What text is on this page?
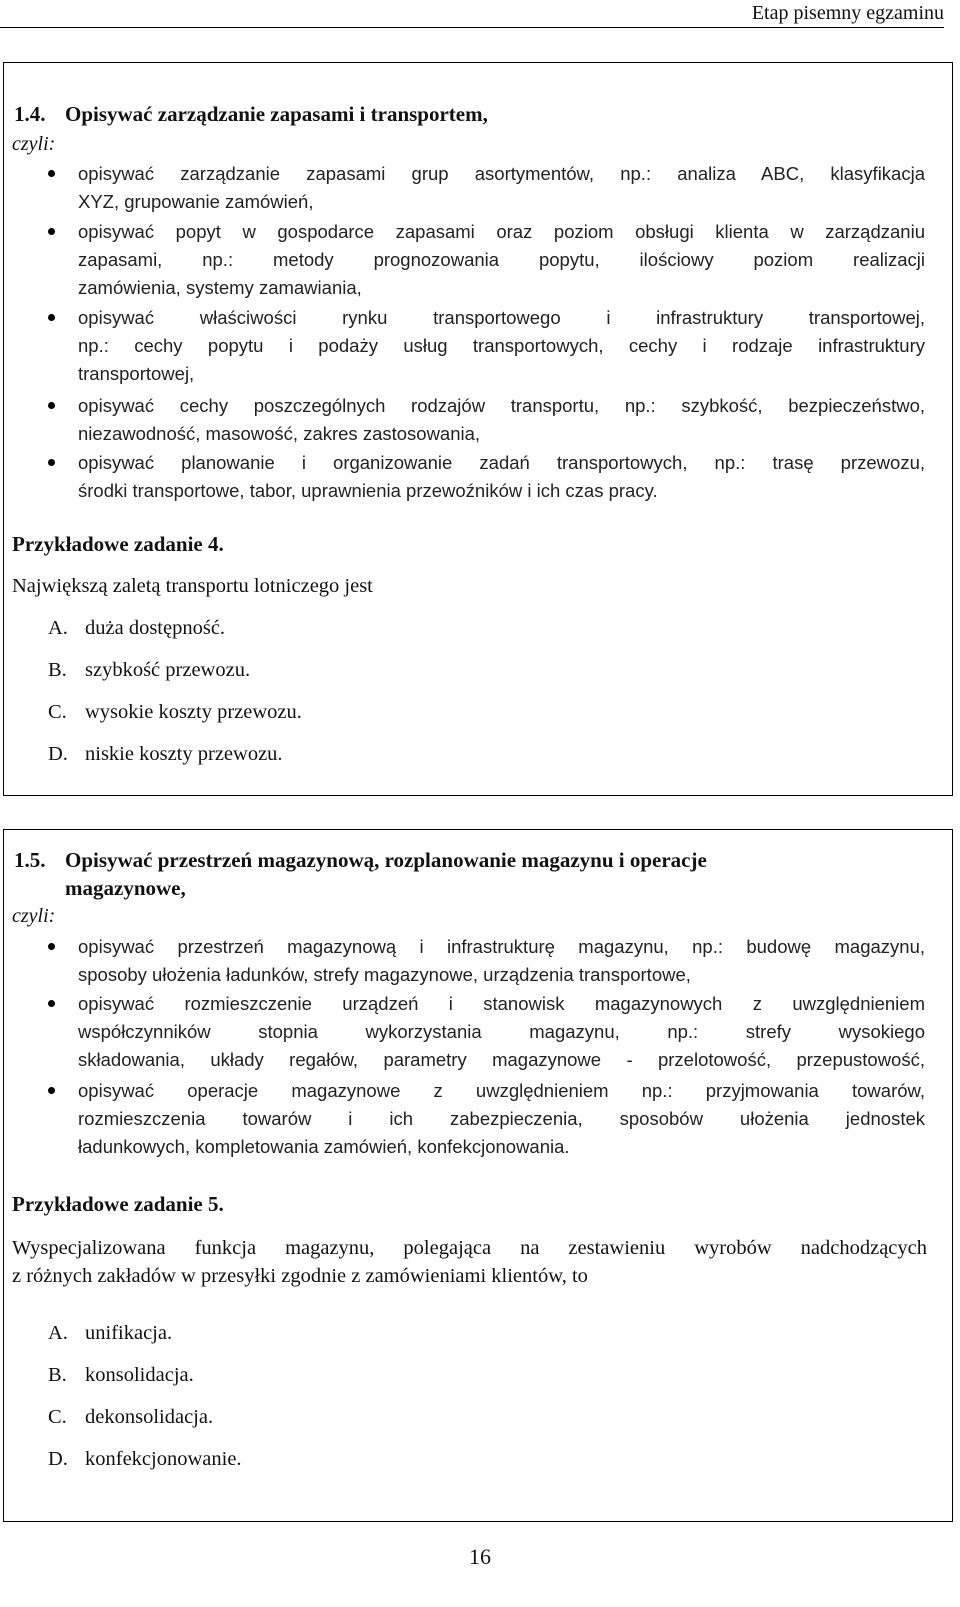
Etap pisemny egzaminu
1.4. Opisywać zarządzanie zapasami i transportem,
czyli:
opisywać zarządzanie zapasami grup asortymentów, np.: analiza ABC, klasyfikacja
XYZ, grupowanie zamówień,
opisywać popyt w gospodarce zapasami oraz poziom obsługi klienta w zarządzaniu
zapasami, np.: metody prognozowania popytu, ilościowy poziom realizacji
zamówienia, systemy zamawiania,
opisywać właściwości rynku transportowego i infrastruktury transportowej,
np.: cechy popytu i podaży usług transportowych, cechy i rodzaje infrastruktury
transportowej,
opisywać cechy poszczególnych rodzajów transportu, np.: szybkość, bezpieczeństwo,
niezawodność, masowość, zakres zastosowania,
opisywać planowanie i organizowanie zadań transportowych, np.: trasę przewozu,
środki transportowe, tabor, uprawnienia przewoźników i ich czas pracy.
Przykładowe zadanie 4.
Największą zaletą transportu lotniczego jest
A. duża dostępność.
B. szybkość przewozu.
C. wysokie koszty przewozu.
D. niskie koszty przewozu.
1.5. Opisywać przestrzeń magazynową, rozplanowanie magazynu i operacje
magazynowe,
czyli:
opisywać przestrzeń magazynową i infrastrukturę magazynu, np.: budowę magazynu,
sposoby ułożenia ładunków, strefy magazynowe, urządzenia transportowe,
opisywać rozmieszczenie urządzeń i stanowisk magazynowych z uwzględnieniem
współczynników stopnia wykorzystania magazynu, np.: strefy wysokiego
składowania, układy regałów, parametry magazynowe - przelotowość, przepustowość,
opisywać operacje magazynowe z uwzględnieniem np.: przyjmowania towarów,
rozmieszczenia towarów i ich zabezpieczenia, sposobów ułożenia jednostek
ładunkowych, kompletowania zamówień, konfekcjonowania.
Przykładowe zadanie 5.
Wyspecjalizowana funkcja magazynu, polegająca na zestawieniu wyrobów nadchodzących
z różnych zakładów w przesyłki zgodnie z zamówieniami klientów, to
A. unifikacja.
B. konsolidacja.
C. dekonsolidacja.
D. konfekcjonowanie.
16
